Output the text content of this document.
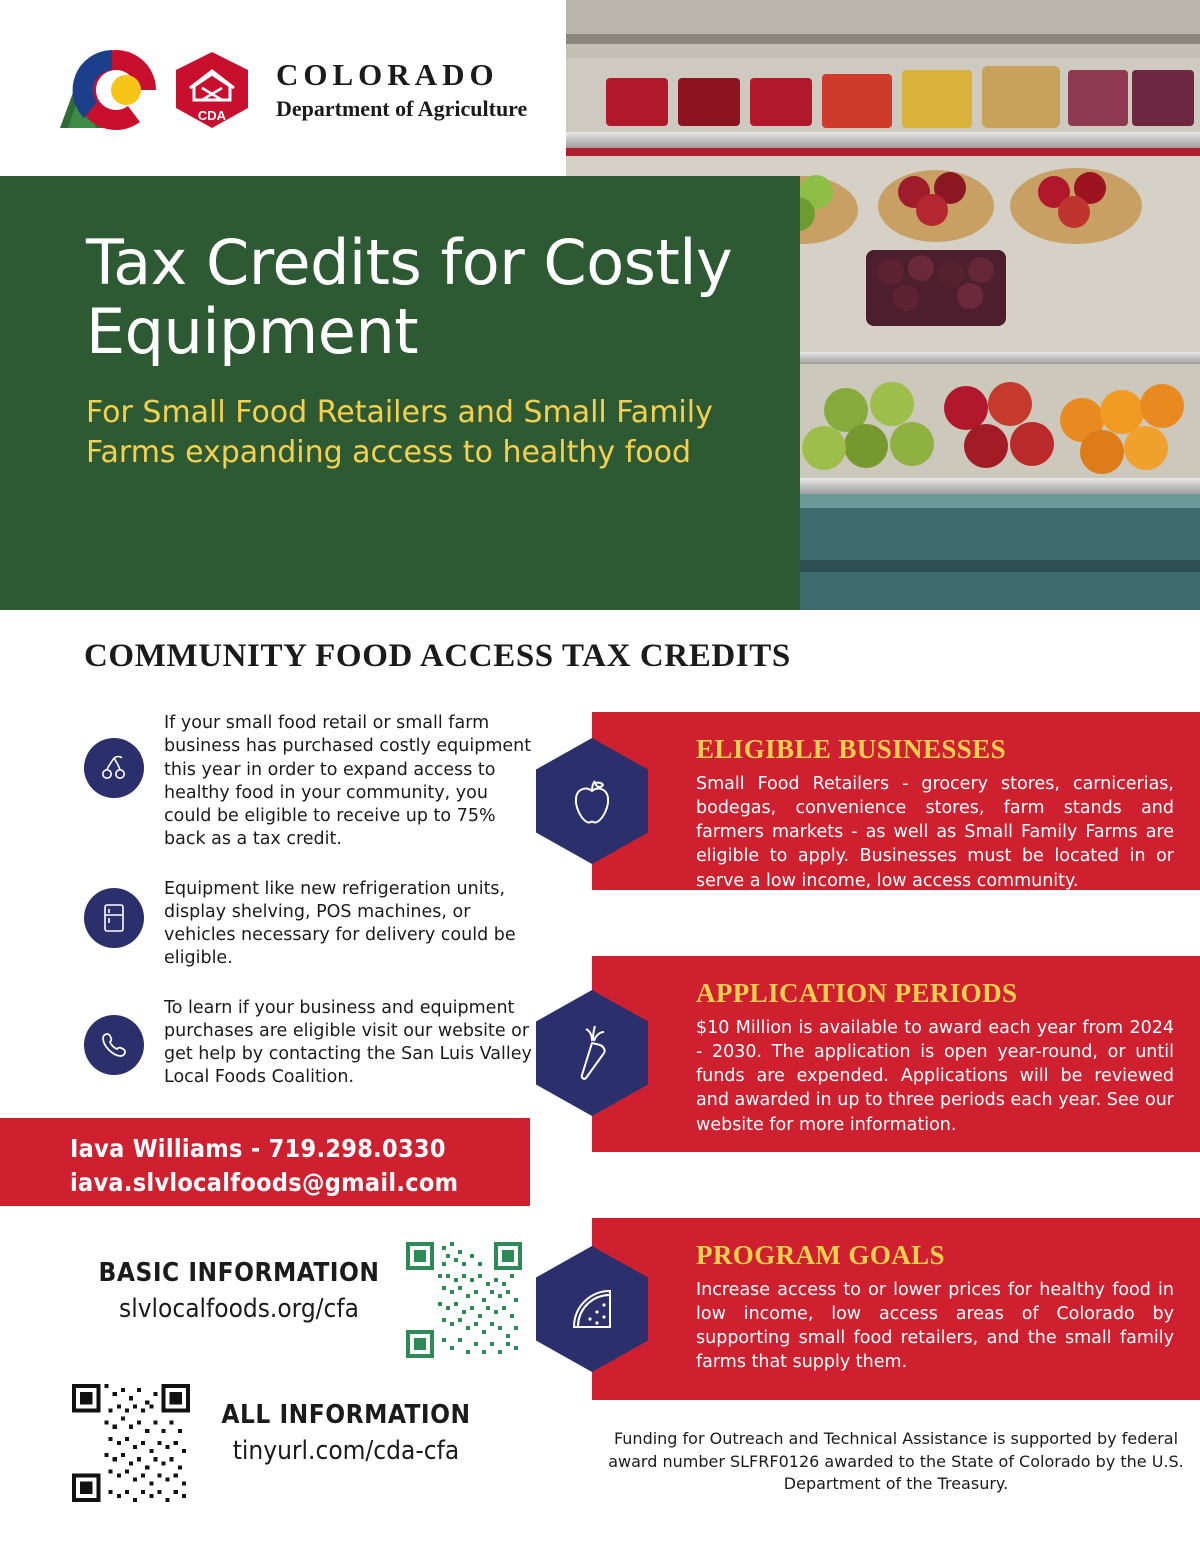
CDA
COLORADO
Department of Agriculture
Tax Credits for Costly Equipment
For Small Food Retailers and Small Family Farms expanding access to healthy food
COMMUNITY FOOD ACCESS TAX CREDITS

If your small food retail or small farm business has purchased costly equipment this year in order to expand access to healthy food in your community, you could be eligible to receive up to 75% back as a tax credit.

Equipment like new refrigeration units, display shelving, POS machines, or vehicles necessary for delivery could be eligible.

To learn if your business and equipment purchases are eligible visit our website or get help by contacting the San Luis Valley Local Foods Coalition.

Iava Williams - 719.298.0330
iava.slvlocalfoods@gmail.com
BASIC INFORMATION
slvlocalfoods.org/cfa
ALL INFORMATION
tinyurl.com/cda-cfa
ELIGIBLE BUSINESSES

Small Food Retailers - grocery stores, carnicerias, bodegas, convenience stores, farm stands and farmers markets - as well as Small Family Farms are eligible to apply. Businesses must be located in or serve a low income, low access community.

APPLICATION PERIODS

$10 Million is available to award each year from 2024 - 2030. The application is open year-round, or until funds are expended. Applications will be reviewed and awarded in up to three periods each year. See our website for more information.

PROGRAM GOALS

Increase access to or lower prices for healthy food in low income, low access areas of Colorado by supporting small food retailers, and the small family farms that supply them.

Funding for Outreach and Technical Assistance is supported by federal award number SLFRF0126 awarded to the State of Colorado by the U.S. Department of the Treasury.
